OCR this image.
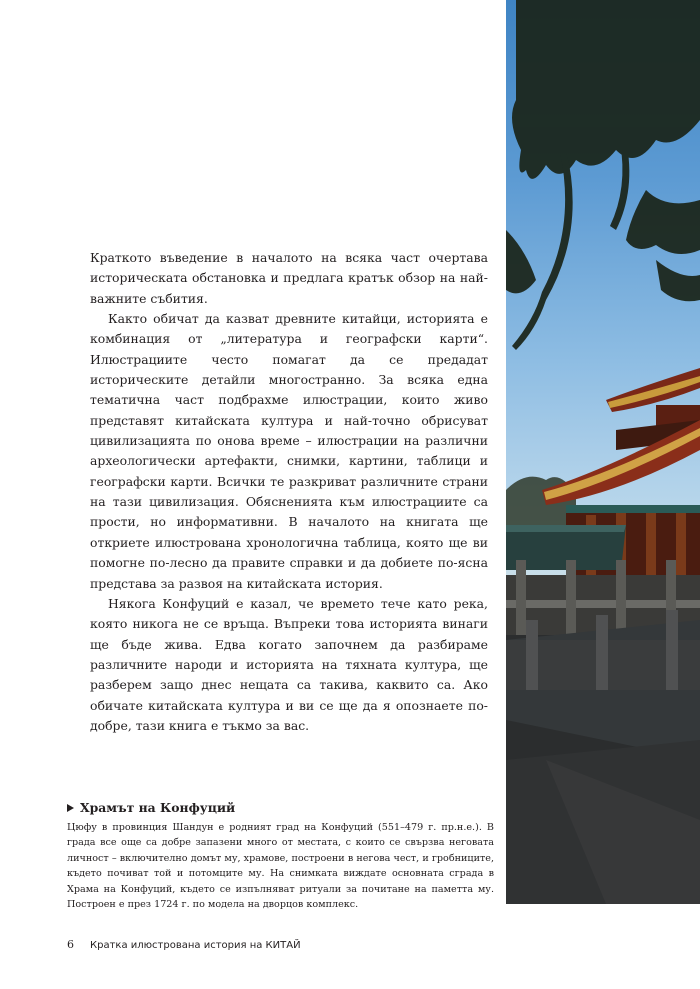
Краткото въведение в началото на всяка част очертава историческата обстановка и предлага кратък обзор на най-важните събития.

Както обичат да казват древните китайци, историята е комбинация от „литература и географски карти“. Илюстрациите често помагат да се предадат историческите детайли многостранно. За всяка една тематична част подбрахме илюстрации, които живо представят китайската култура и най-точно обрисуват цивилизацията по онова време – илюстрации на различни археологически артефакти, снимки, картини, таблици и географски карти. Всички те разкриват различните страни на тази цивилизация. Обясненията към илюстрациите са прости, но информативни. В началото на книгата ще откриете илюстрована хронологична таблица, която ще ви помогне по-лесно да правите справки и да добиете по-ясна представа за развоя на китайската история.

Някога Конфуций е казал, че времето тече като река, която никога не се връща. Въпреки това историята винаги ще бъде жива. Едва когато започнем да разбираме различните народи и историята на тяхната култура, ще разберем защо днес нещата са такива, каквито са. Ако обичате китайската култура и ви се ще да я опознаете по-добре, тази книга е тъкмо за вас.

Храмът на Конфуций

Цюфу в провинция Шандун е родният град на Конфуций (551–479 г. пр.н.е.). В града все още са добре запазени много от местата, с които се свързва неговата личност – включително домът му, храмове, построени в негова чест, и гробниците, където почиват той и потомците му. На снимката виждате основната сграда в Храма на Конфуций, където се изпълняват ритуали за почитане на паметта му. Построен е през 1724 г. по модела на дворцов комплекс.

6 Кратка илюстрована история на КИТАЙ
